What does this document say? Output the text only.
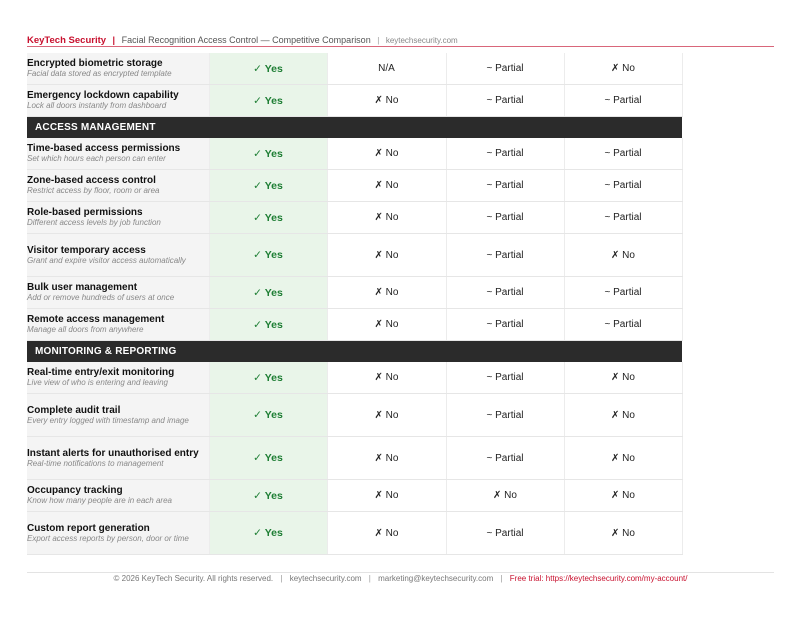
KeyTech Security | Facial Recognition Access Control — Competitive Comparison | keytechsecurity.com
Encrypted biometric storage
Facial data stored as encrypted template	✓ Yes	N/A	~ Partial	✗ No

Emergency lockdown capability
Lock all doors instantly from dashboard	✓ Yes	✗ No	~ Partial	~ Partial
ACCESS MANAGEMENT				

Time-based access permissions
Set which hours each person can enter	✓ Yes	✗ No	~ Partial	~ Partial

Zone-based access control
Restrict access by floor, room or area	✓ Yes	✗ No	~ Partial	~ Partial

Role-based permissions
Different access levels by job function	✓ Yes	✗ No	~ Partial	~ Partial

Visitor temporary access
Grant and expire visitor access automatically	✓ Yes	✗ No	~ Partial	✗ No

Bulk user management
Add or remove hundreds of users at once	✓ Yes	✗ No	~ Partial	~ Partial

Remote access management
Manage all doors from anywhere	✓ Yes	✗ No	~ Partial	~ Partial
MONITORING & REPORTING				

Real-time entry/exit monitoring
Live view of who is entering and leaving	✓ Yes	✗ No	~ Partial	✗ No

Complete audit trail
Every entry logged with timestamp and image	✓ Yes	✗ No	~ Partial	✗ No

Instant alerts for unauthorised entry
Real-time notifications to management	✓ Yes	✗ No	~ Partial	✗ No

Occupancy tracking
Know how many people are in each area	✓ Yes	✗ No	✗ No	✗ No

Custom report generation
Export access reports by person, door or time	✓ Yes	✗ No	~ Partial	✗ No
© 2026 KeyTech Security. All rights reserved. | keytechsecurity.com | marketing@keytechsecurity.com | Free trial: https://keytechsecurity.com/my-account/
